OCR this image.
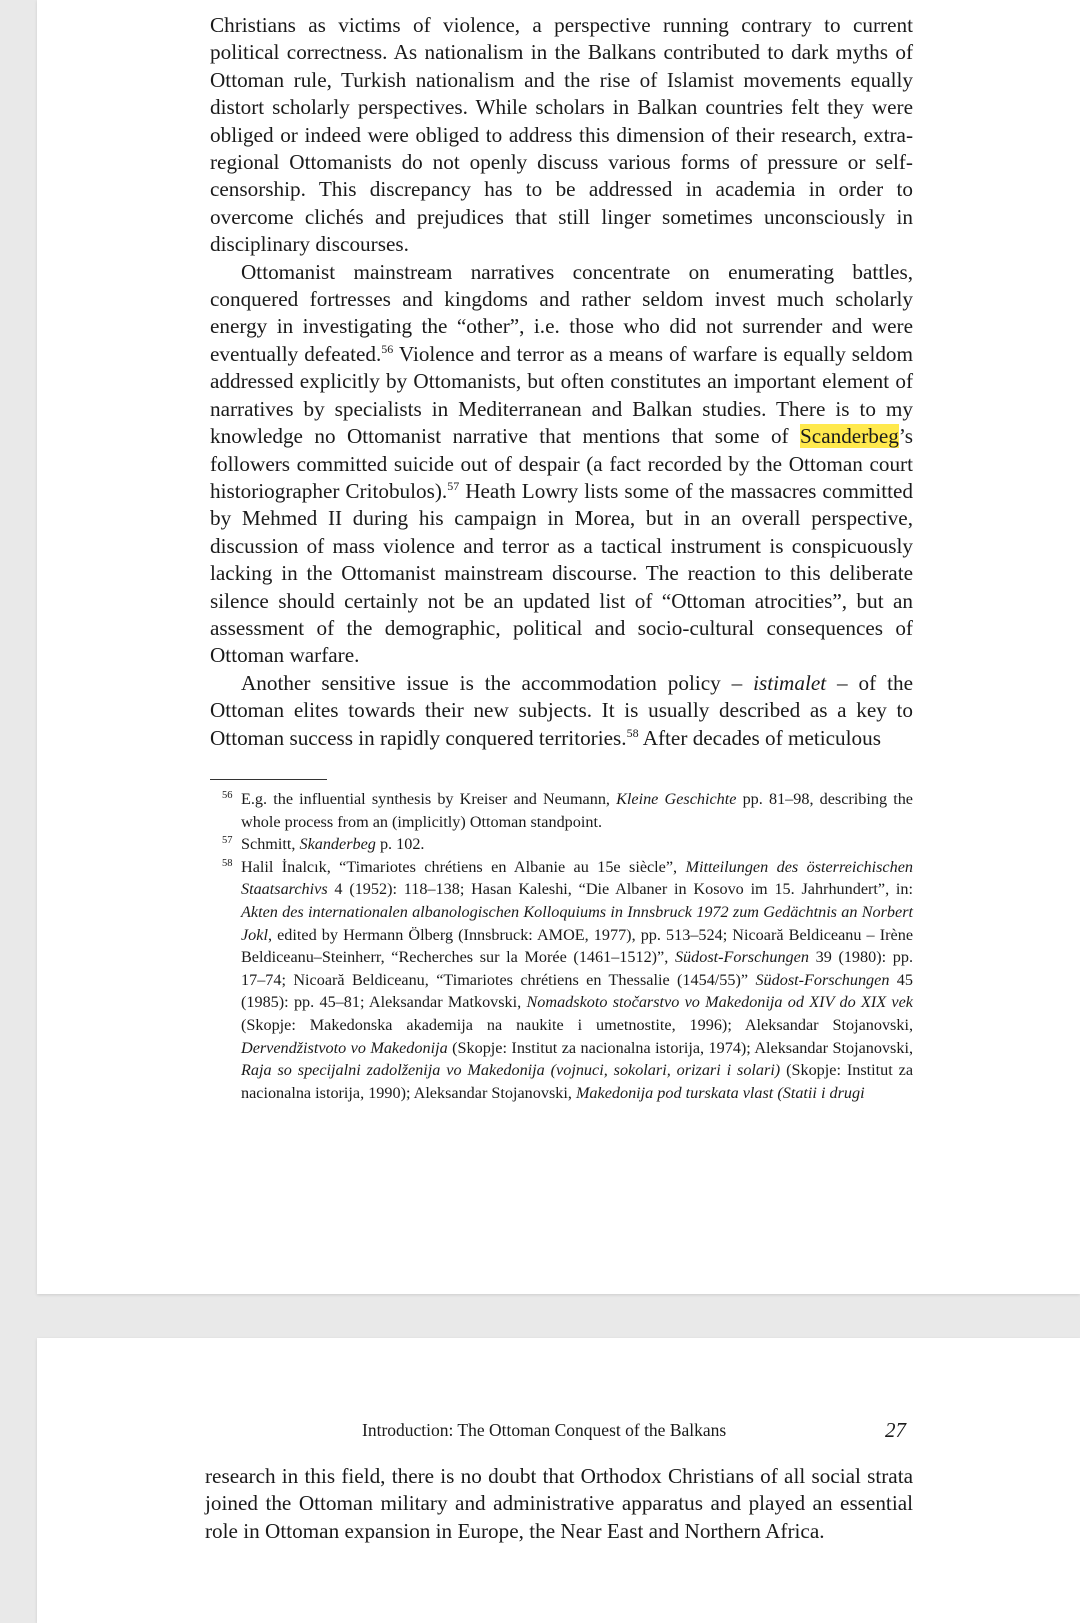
Christians as victims of violence, a perspective running contrary to current political correctness. As nationalism in the Balkans contributed to dark myths of Ottoman rule, Turkish nationalism and the rise of Islamist movements equally distort scholarly perspectives. While scholars in Balkan countries felt they were obliged or indeed were obliged to address this dimension of their research, extra-regional Ottomanists do not openly discuss various forms of pressure or self-censorship. This discrepancy has to be addressed in academia in order to overcome clichés and prejudices that still linger sometimes unconsciously in disciplinary discourses.

Ottomanist mainstream narratives concentrate on enumerating battles, conquered fortresses and kingdoms and rather seldom invest much scholarly energy in investigating the “other”, i.e. those who did not surrender and were eventually defeated.$^{56}$ Violence and terror as a means of warfare is equally seldom addressed explicitly by Ottomanists, but often constitutes an important element of narratives by specialists in Mediterranean and Balkan studies. There is to my knowledge no Ottomanist narrative that mentions that some of Scanderbeg’s followers committed suicide out of despair (a fact recorded by the Ottoman court historiographer Critobulos).$^{57}$ Heath Lowry lists some of the massacres committed by Mehmed II during his campaign in Morea, but in an overall perspective, discussion of mass violence and terror as a tactical instrument is conspicuously lacking in the Ottomanist mainstream discourse. The reaction to this deliberate silence should certainly not be an updated list of “Ottoman atrocities”, but an assessment of the demographic, political and socio-cultural consequences of Ottoman warfare.

Another sensitive issue is the accommodation policy – istimalet – of the Ottoman elites towards their new subjects. It is usually described as a key to Ottoman success in rapidly conquered territories.$^{58}$ After decades of meticulous

56 E.g. the influential synthesis by Kreiser and Neumann, Kleine Geschichte pp. 81–98, describing the whole process from an (implicitly) Ottoman standpoint.

57 Schmitt, Skanderbeg p. 102.

58 Halil İnalcık, “Timariotes chrétiens en Albanie au 15e siècle”, Mitteilungen des österreichischen Staatsarchivs 4 (1952): 118–138; Hasan Kaleshi, “Die Albaner in Kosovo im 15. Jahrhundert”, in: Akten des internationalen albanologischen Kolloquiums in Innsbruck 1972 zum Gedächtnis an Norbert Jokl, edited by Hermann Ölberg (Innsbruck: AMOE, 1977), pp. 513–524; Nicoară Beldiceanu – Irène Beldiceanu–Steinherr, “Recherches sur la Morée (1461–1512)”, Südost-Forschungen 39 (1980): pp. 17–74; Nicoară Beldiceanu, “Timariotes chrétiens en Thessalie (1454/55)” Südost-Forschungen 45 (1985): pp. 45–81; Aleksandar Matkovski, Nomadskoto stočarstvo vo Makedonija od XIV do XIX vek (Skopje: Makedonska akademija na naukite i umetnostite, 1996); Aleksandar Stojanovski, Dervendžistvoto vo Makedonija (Skopje: Institut za nacionalna istorija, 1974); Aleksandar Stojanovski, Raja so specijalni zadolženija vo Makedonija (vojnuci, sokolari, orizari i solari) (Skopje: Institut za nacionalna istorija, 1990); Aleksandar Stojanovski, Makedonija pod turskata vlast (Statii i drugi

Introduction: The Ottoman Conquest of the Balkans	27

research in this field, there is no doubt that Orthodox Christians of all social strata joined the Ottoman military and administrative apparatus and played an essential role in Ottoman expansion in Europe, the Near East and Northern Africa.
